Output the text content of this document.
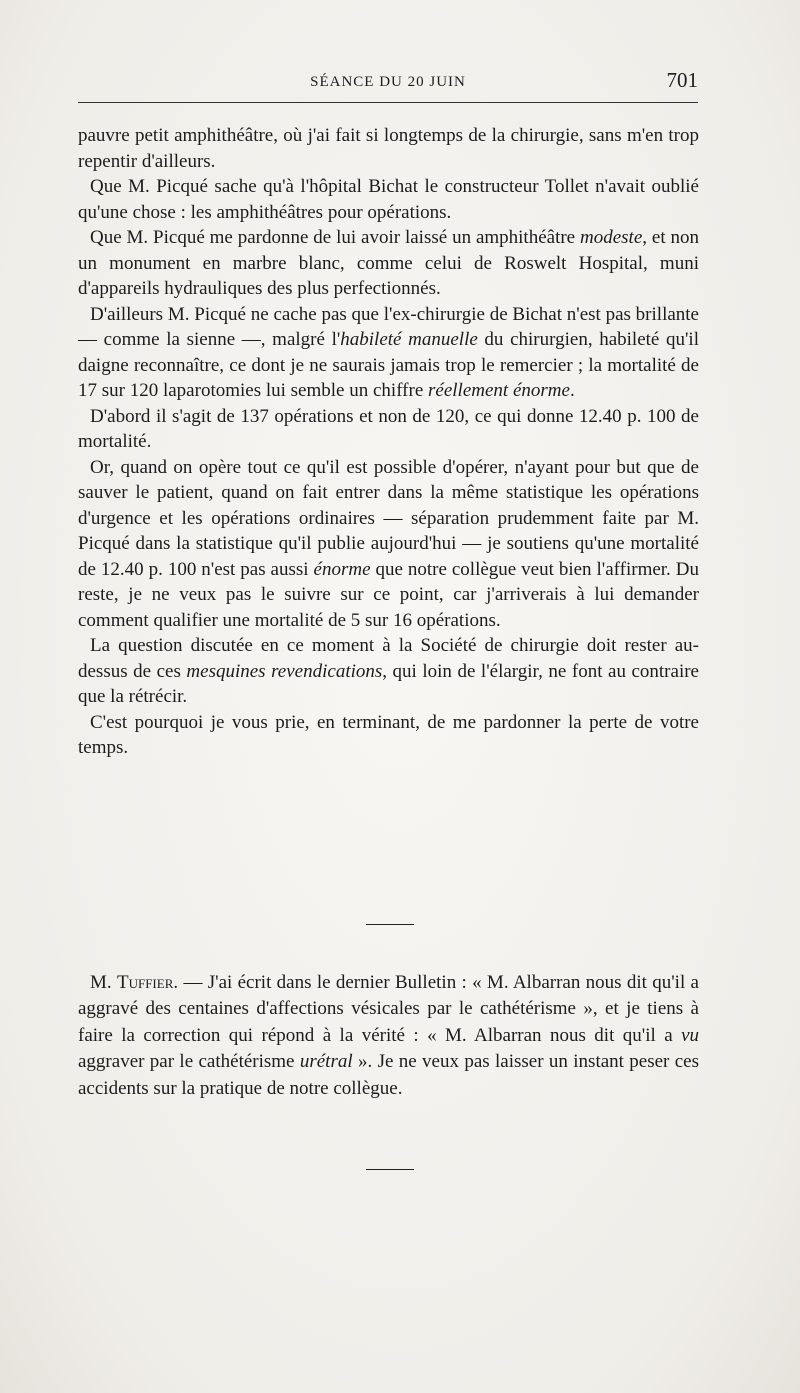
SÉANCE DU 20 JUIN	701

pauvre petit amphithéâtre, où j'ai fait si longtemps de la chirurgie, sans m'en trop repentir d'ailleurs.

Que M. Picqué sache qu'à l'hôpital Bichat le constructeur Tollet n'avait oublié qu'une chose : les amphithéâtres pour opérations.

Que M. Picqué me pardonne de lui avoir laissé un amphithéâtre modeste, et non un monument en marbre blanc, comme celui de Roswelt Hospital, muni d'appareils hydrauliques des plus perfectionnés.

D'ailleurs M. Picqué ne cache pas que l'ex-chirurgie de Bichat n'est pas brillante — comme la sienne —, malgré l'habileté manuelle du chirurgien, habileté qu'il daigne reconnaître, ce dont je ne saurais jamais trop le remercier ; la mortalité de 17 sur 120 laparotomies lui semble un chiffre réellement énorme.

D'abord il s'agit de 137 opérations et non de 120, ce qui donne 12.40 p. 100 de mortalité.

Or, quand on opère tout ce qu'il est possible d'opérer, n'ayant pour but que de sauver le patient, quand on fait entrer dans la même statistique les opérations d'urgence et les opérations ordinaires — séparation prudemment faite par M. Picqué dans la statistique qu'il publie aujourd'hui — je soutiens qu'une mortalité de 12.40 p. 100 n'est pas aussi énorme que notre collègue veut bien l'affirmer. Du reste, je ne veux pas le suivre sur ce point, car j'arriverais à lui demander comment qualifier une mortalité de 5 sur 16 opérations.

La question discutée en ce moment à la Société de chirurgie doit rester au-dessus de ces mesquines revendications, qui loin de l'élargir, ne font au contraire que la rétrécir.

C'est pourquoi je vous prie, en terminant, de me pardonner la perte de votre temps.

M. Tuffier. — J'ai écrit dans le dernier Bulletin : « M. Albarran nous dit qu'il a aggravé des centaines d'affections vésicales par le cathétérisme », et je tiens à faire la correction qui répond à la vérité : « M. Albarran nous dit qu'il a vu aggraver par le cathétérisme urétral ». Je ne veux pas laisser un instant peser ces accidents sur la pratique de notre collègue.
